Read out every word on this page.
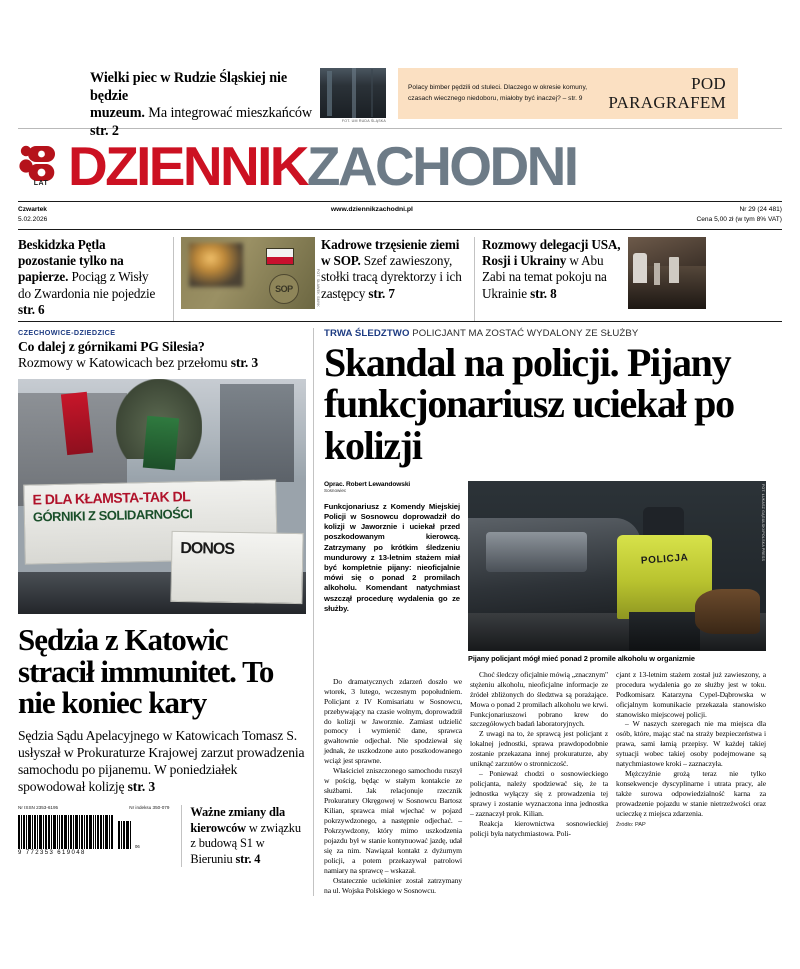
Wielki piec w Rudzie Śląskiej nie będzie
muzeum. Ma integrować mieszkańców str. 2
FOT. UM RUDA ŚLĄSKA
Polacy bimber pędzili od stuleci. Dlaczego w okresie komuny, czasach wiecznego niedoboru, miałoby być inaczej? – str. 9
POD
PARAGRAFEM
LAT DZIENNIKZACHODNI
Czwartek
5.02.2026
www.dziennikzachodni.pl	Nr 29 (24 481)
Cena 5,00 zł (w tym 8% VAT)
Beskidzka Pętla pozostanie tylko na papierze. Pociąg z Wisły do Zwardonia nie pojedzie str. 6
SOP	FOT. SŁAWEK SMYK
Kadrowe trzęsienie ziemi w SOP. Szef zawieszony, stołki tracą dyrektorzy i ich zastępcy str. 7
Rozmowy delegacji USA, Rosji i Ukrainy w Abu Zabi na temat pokoju na Ukrainie str. 8
CZECHOWICE-DZIEDZICE
Co dalej z górnikami PG Silesia?
Rozmowy w Katowicach bez przełomu str. 3
E DLA KŁAMSTA-TAK DL
GÓRNIKI Z SOLIDARNOŚCI
DONOS
Sędzia z Katowic stracił immunitet. To nie koniec kary
Sędzia Sądu Apelacyjnego w Katowicach Tomasz S. usłyszał w Prokuraturze Krajowej zarzut prowadzenia samochodu po pijanemu. W poniedziałek spowodował kolizję str. 3
Nr ISSN 2353-6195	Nr indeksu 350-079
06
9 772353 619048
Ważne zmiany dla kierowców w związku z budową S1 w Bieruniu str. 4
TRWA ŚLEDZTWO POLICJANT MA ZOSTAĆ WYDALONY ZE SŁUŻBY
Skandal na policji. Pijany funkcjonariusz uciekał po kolizji
Oprac. Robert Lewandowski
Sosnowiec
Funkcjonariusz z Komendy Miejskiej Policji w Sosnowcu doprowadził do kolizji w Jaworznie i uciekał przed poszkodowanym kierowcą. Zatrzymany po krótkim śledzeniu mundurowy z 13-letnim stażem miał być kompletnie pijany: nieoficjalnie mówi się o ponad 2 promilach alkoholu. Komendant natychmiast wszczął procedurę wydalenia go ze służby.
POLICJA	FOT. ŁUKASZ GĄGULSKI/POLSKA PRESS
Pijany policjant mógł mieć ponad 2 promile alkoholu w organizmie

Do dramatycznych zdarzeń doszło we wtorek, 3 lutego, wczesnym popołudniem. Policjant z IV Komisariatu w Sosnowcu, przebywający na czasie wolnym, doprowadził do kolizji w Jaworznie. Zamiast udzielić pomocy i wymienić dane, sprawca gwałtownie odjechał. Nie spodziewał się jednak, że uszkodzone auto poszkodowanego wciąż jest sprawne.

Właściciel zniszczonego samochodu ruszył w pościg, będąc w stałym kontakcie ze służbami. Jak relacjonuje rzecznik Prokuratury Okręgowej w Sosnowcu Bartosz Kilian, sprawca miał wjechać w pojazd pokrzywdzonego, a następnie odjechać. – Pokrzywdzony, który mimo uszkodzenia pojazdu był w stanie kontynuować jazdę, udał się za nim. Nawiązał kontakt z dyżurnym policji, a potem przekazywał patrolowi namiary na sprawcę – wskazał.

Ostatecznie uciekinier został zatrzymany na ul. Wojska Polskiego w Sosnowcu.

Choć śledczy oficjalnie mówią „znacznym" stężeniu alkoholu, nieoficjalne informacje ze źródeł zbliżonych do śledztwa są porażające. Mowa o ponad 2 promilach alkoholu we krwi. Funkcjonariuszowi pobrano krew do szczegółowych badań laboratoryjnych.

Z uwagi na to, że sprawcą jest policjant z lokalnej jednostki, sprawa prawdopodobnie zostanie przekazana innej prokuraturze, aby uniknąć zarzutów o stronniczość.

– Ponieważ chodzi o sosnowieckiego policjanta, należy spodziewać się, że ta jednostka wyłączy się z prowadzenia tej sprawy i zostanie wyznaczona inna jednostka – zaznaczył prok. Kilian.

Reakcja kierownictwa sosnowieckiej policji była natychmiastowa. Poli-

cjant z 13-letnim stażem został już zawieszony, a procedura wydalenia go ze służby jest w toku. Podkomisarz Katarzyna Cypel-Dąbrowska w oficjalnym komunikacie przekazała stanowisko stanowisko miejscowej policji.

– W naszych szeregach nie ma miejsca dla osób, które, mając stać na straży bezpieczeństwa i prawa, sami łamią przepisy. W każdej takiej sytuacji wobec takiej osoby podejmowane są natychmiastowe kroki – zaznaczyła.

Mężczyźnie grożą teraz nie tylko konsekwencje dyscyplinarne i utrata pracy, ale także surowa odpowiedzialność karna za prowadzenie pojazdu w stanie nietrzeźwości oraz ucieczkę z miejsca zdarzenia.

Źródło: PAP
